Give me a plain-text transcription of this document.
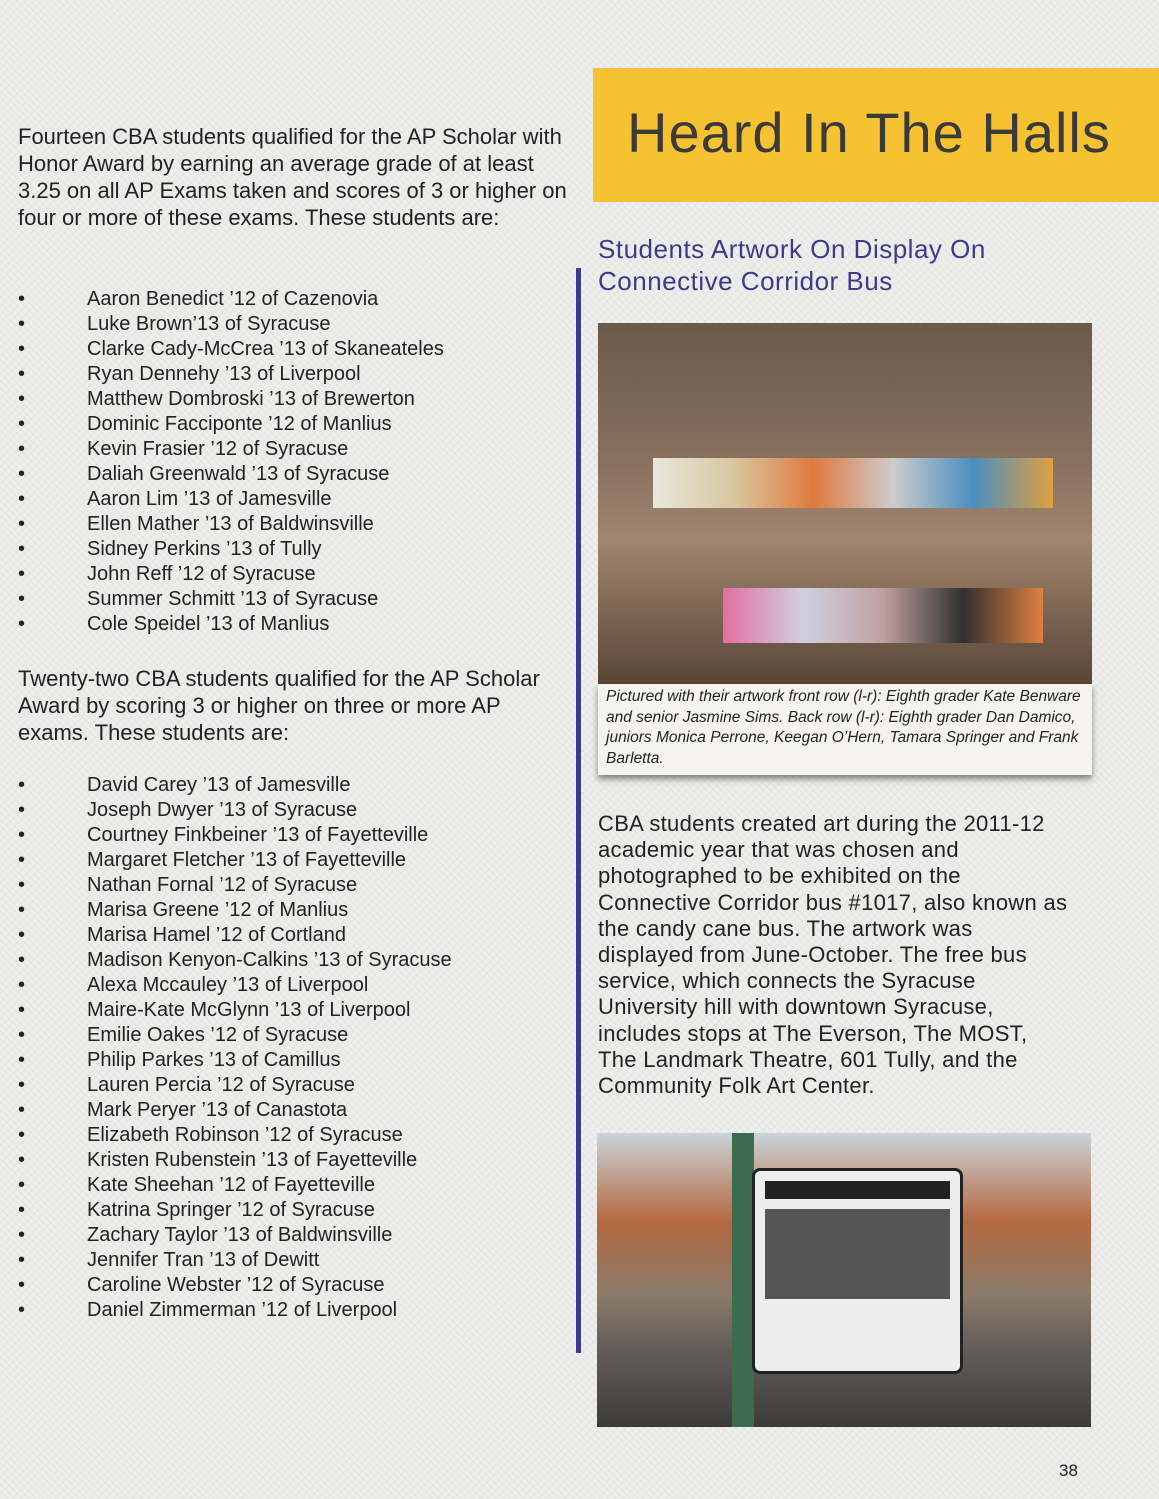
Fourteen CBA students qualified for the AP Scholar with Honor Award by earning an average grade of at least 3.25 on all AP Exams taken and scores of 3 or higher on four or more of these exams. These students are:

•	Aaron Benedict ’12 of Cazenovia
•	Luke Brown’13 of Syracuse
•	Clarke Cady-McCrea ’13 of Skaneateles
•	Ryan Dennehy ’13 of Liverpool
•	Matthew Dombroski ’13 of Brewerton
•	Dominic Facciponte ’12 of Manlius
•	Kevin Frasier ’12 of Syracuse
•	Daliah Greenwald ’13 of Syracuse
•	Aaron Lim ’13 of Jamesville
•	Ellen Mather ’13 of Baldwinsville
•	Sidney Perkins ’13 of Tully
•	John Reff ’12 of Syracuse
•	Summer Schmitt ’13 of Syracuse
•	Cole Speidel ’13 of Manlius

Twenty-two CBA students qualified for the AP Scholar Award by scoring 3 or higher on three or more AP exams. These students are:

•	David Carey ’13 of Jamesville
•	Joseph Dwyer ’13 of Syracuse
•	Courtney Finkbeiner ’13 of Fayetteville
•	Margaret Fletcher ’13 of Fayetteville
•	Nathan Fornal ’12 of Syracuse
•	Marisa Greene ’12 of Manlius
•	Marisa Hamel ’12 of Cortland
•	Madison Kenyon-Calkins ’13 of Syracuse
•	Alexa Mccauley ’13 of Liverpool
•	Maire-Kate McGlynn ’13 of Liverpool
•	Emilie Oakes ’12 of Syracuse
•	Philip Parkes ’13 of Camillus
•	Lauren Percia ’12 of Syracuse
•	Mark Peryer ’13 of Canastota
•	Elizabeth Robinson ’12 of Syracuse
•	Kristen Rubenstein ’13 of Fayetteville
•	Kate Sheehan ’12 of Fayetteville
•	Katrina Springer ’12 of Syracuse
•	Zachary Taylor ’13 of Baldwinsville
•	Jennifer Tran ’13 of Dewitt
•	Caroline Webster ’12 of Syracuse
•	Daniel Zimmerman ’12 of Liverpool
Heard In The Halls
Students Artwork On Display On Connective Corridor Bus
Pictured with their artwork front row (l-r): Eighth grader Kate Benware and senior Jasmine Sims. Back row (l-r): Eighth grader Dan Damico, juniors Monica Perrone, Keegan O’Hern, Tamara Springer and Frank Barletta.

CBA students created art during the 2011-12 academic year that was chosen and photographed to be exhibited on the Connective Corridor bus #1017, also known as the candy cane bus. The artwork was displayed from June-October. The free bus service, which connects the Syracuse University hill with downtown Syracuse, includes stops at The Everson, The MOST, The Landmark Theatre, 601 Tully, and the Community Folk Art Center.

38
